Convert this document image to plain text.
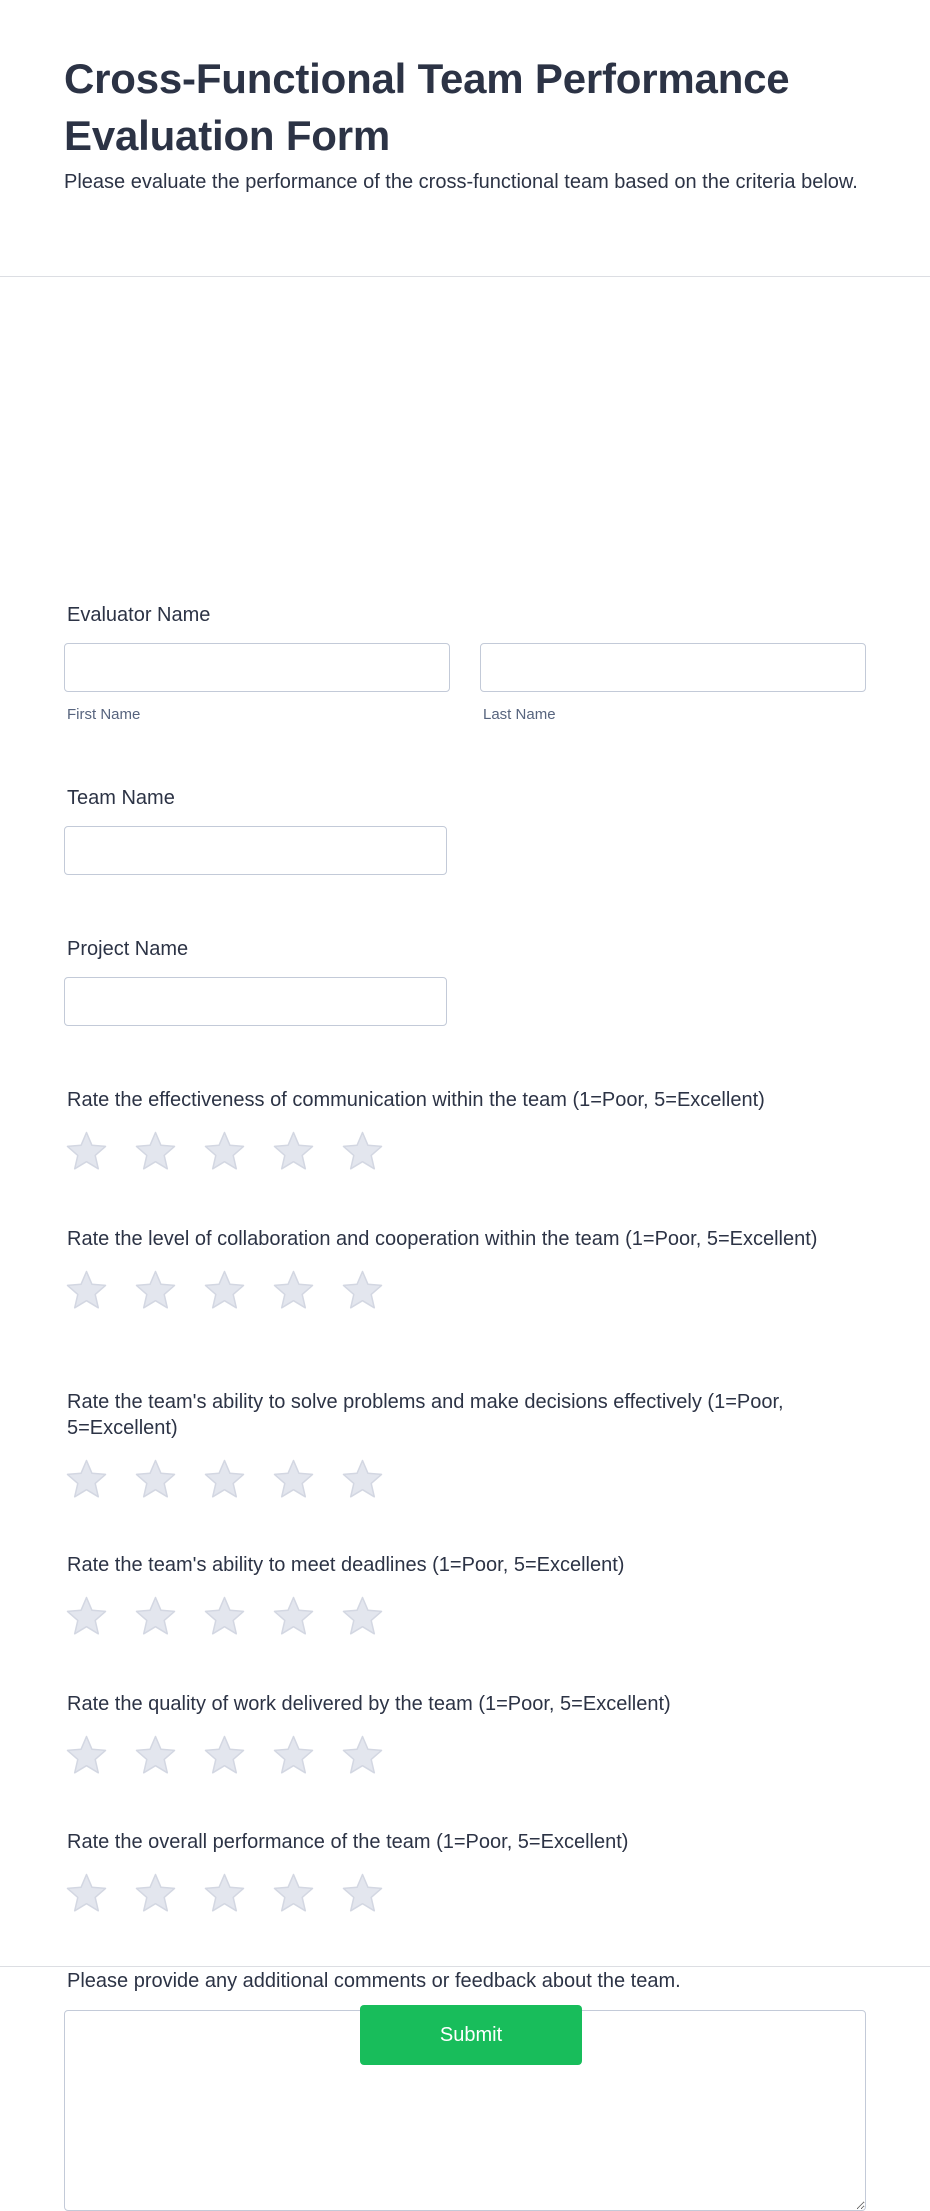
Cross-Functional Team Performance Evaluation Form

Please evaluate the performance of the cross-functional team based on the criteria below.

Evaluator Name
First Name	Last Name
Team Name
Project Name
Rate the effectiveness of communication within the team (1=Poor, 5=Excellent)
Rate the level of collaboration and cooperation within the team (1=Poor, 5=Excellent)
Rate the team's ability to solve problems and make decisions effectively (1=Poor, 5=Excellent)
Rate the team's ability to meet deadlines (1=Poor, 5=Excellent)
Rate the quality of work delivered by the team (1=Poor, 5=Excellent)
Rate the overall performance of the team (1=Poor, 5=Excellent)
Please provide any additional comments or feedback about the team.
Submit
